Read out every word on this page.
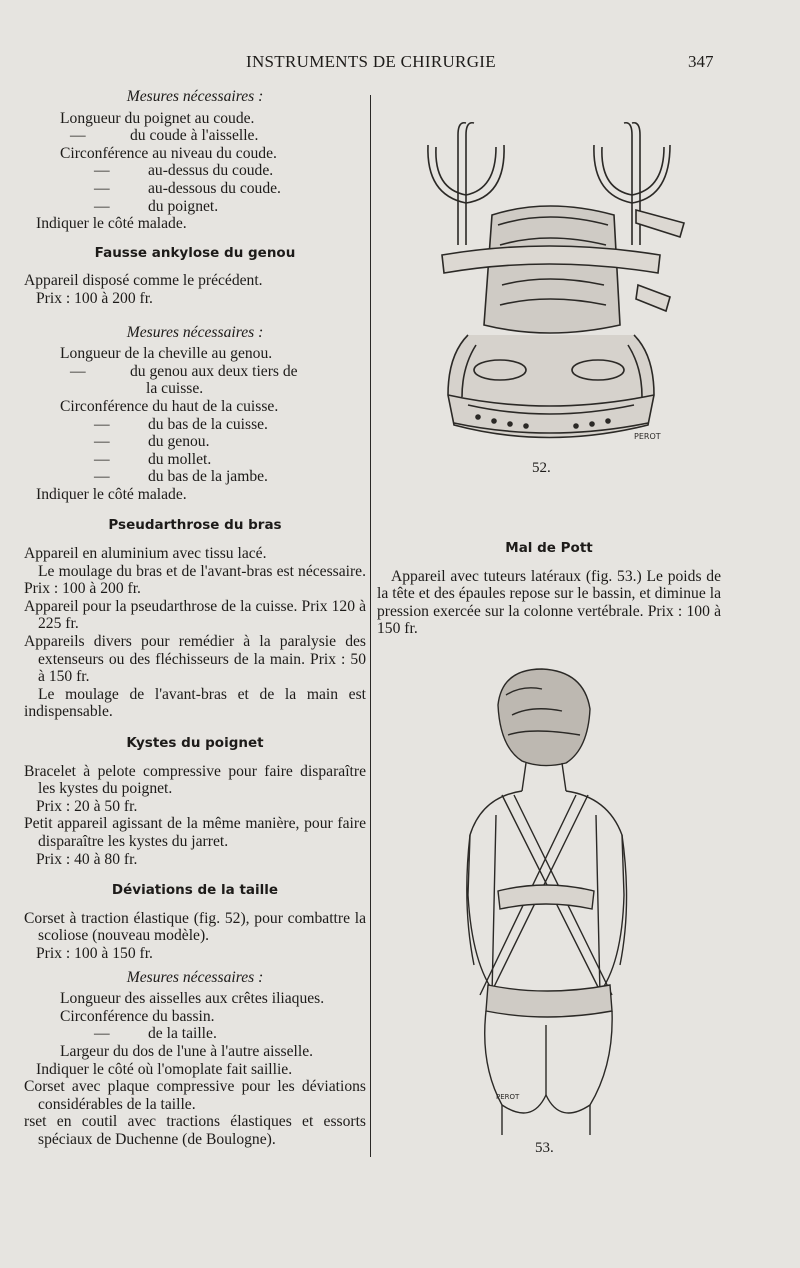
INSTRUMENTS DE CHIRURGIE	347

Mesures nécessaires :

Longueur du poignet au coude.

—	du coude à l'aisselle.

Circonférence au niveau du coude.

— au-dessus du coude.

— au-dessous du coude.

— du poignet.

Indiquer le côté malade.

Fausse ankylose du genou

Appareil disposé comme le précédent.

Prix : 100 à 200 fr.

Mesures nécessaires :

Longueur de la cheville au genou.

—	du genou aux deux tiers de

la cuisse.

Circonférence du haut de la cuisse.

— du bas de la cuisse.

— du genou.

— du mollet.

— du bas de la jambe.

Indiquer le côté malade.

Pseudarthrose du bras

Appareil en aluminium avec tissu lacé.

Le moulage du bras et de l'avant-bras est nécessaire. Prix : 100 à 200 fr.

Appareil pour la pseudarthrose de la cuisse. Prix 120 à 225 fr.

Appareils divers pour remédier à la paralysie des extenseurs ou des fléchisseurs de la main. Prix : 50 à 150 fr.

Le moulage de l'avant-bras et de la main est indispensable.

Kystes du poignet

Bracelet à pelote compressive pour faire disparaître les kystes du poignet.

Prix : 20 à 50 fr.

Petit appareil agissant de la même manière, pour faire disparaître les kystes du jarret.

Prix : 40 à 80 fr.

Déviations de la taille

Corset à traction élastique (fig. 52), pour combattre la scoliose (nouveau modèle).

Prix : 100 à 150 fr.

Mesures nécessaires :

Longueur des aisselles aux crêtes iliaques.

Circonférence du bassin.

— de la taille.

Largeur du dos de l'une à l'autre aisselle.

Indiquer le côté où l'omoplate fait saillie.

Corset avec plaque compressive pour les déviations considérables de la taille.

rset en coutil avec tractions élastiques et essorts spéciaux de Duchenne (de Boulogne).

PEROT
52.
Mal de Pott

Appareil avec tuteurs latéraux (fig. 53.) Le poids de la tête et des épaules repose sur le bassin, et diminue la pression exercée sur la colonne vertébrale. Prix : 100 à 150 fr.

PEROT
53.
